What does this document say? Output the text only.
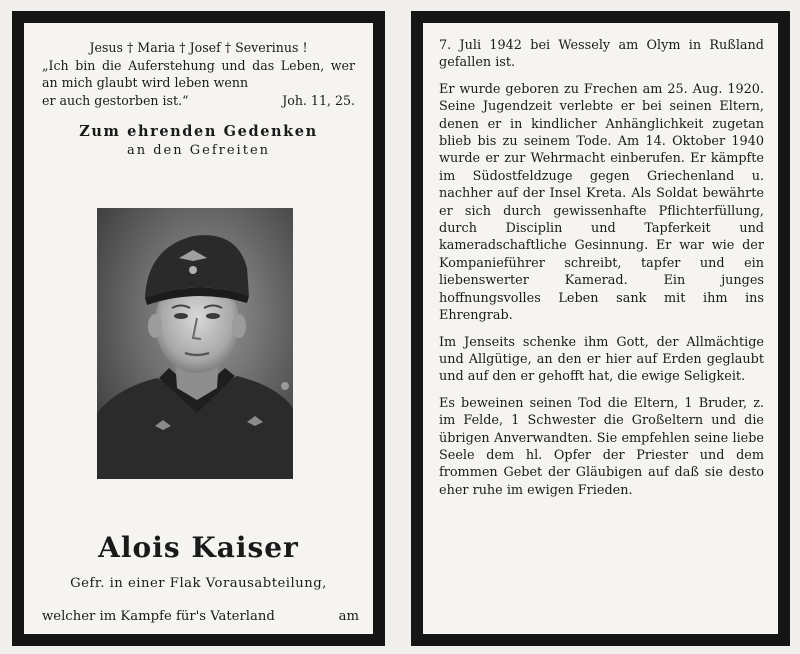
Jesus † Maria † Josef † Severinus !
„Ich bin die Auferstehung und das Leben, wer an mich glaubt wird leben wenn
er auch gestorben ist.“	Joh. 11, 25.
Zum ehrenden Gedenken
an den Gefreiten
Alois Kaiser
Gefr. in einer Flak Vorausabteilung,
welcher im Kampfe für's Vaterland	am

7. Juli 1942 bei Wessely am Olym in Rußland gefallen ist.

Er wurde geboren zu Frechen am 25. Aug. 1920. Seine Jugendzeit verlebte er bei seinen Eltern, denen er in kindlicher Anhänglichkeit zugetan blieb bis zu seinem Tode. Am 14. Oktober 1940 wurde er zur Wehrmacht einberufen. Er kämpfte im Südostfeldzuge gegen Griechenland u. nachher auf der Insel Kreta. Als Soldat bewährte er sich durch gewissenhafte Pflichterfüllung, durch Disciplin und Tapferkeit und kameradschaftliche Gesinnung. Er war wie der Kompanieführer schreibt, tapfer und ein liebenswerter Kamerad. Ein junges hoffnungsvolles Leben sank mit ihm ins Ehrengrab.

Im Jenseits schenke ihm Gott, der Allmächtige und Allgütige, an den er hier auf Erden geglaubt und auf den er gehofft hat, die ewige Seligkeit.

Es beweinen seinen Tod die Eltern, 1 Bruder, z. im Felde, 1 Schwester die Großeltern und die übrigen Anverwandten. Sie empfehlen seine liebe Seele dem hl. Opfer der Priester und dem frommen Gebet der Gläubigen auf daß sie desto eher ruhe im ewigen Frieden.
